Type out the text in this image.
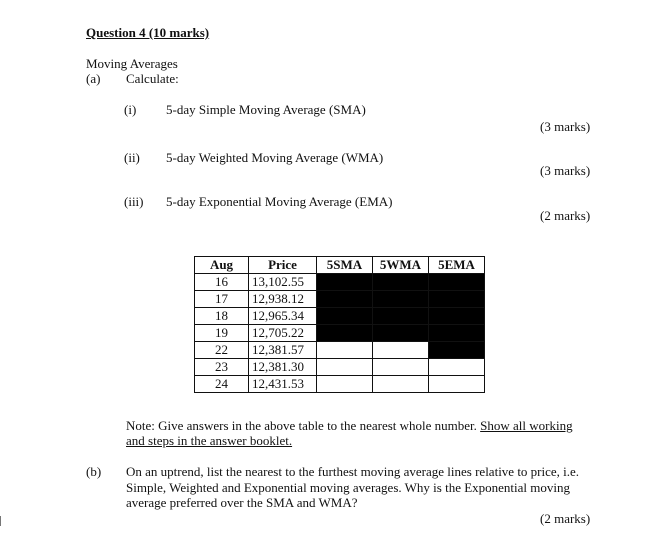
Question 4 (10 marks)
Moving Averages
(a) Calculate:
(i) 5-day Simple Moving Average (SMA)
(3 marks)
(ii) 5-day Weighted Moving Average (WMA)
(3 marks)
(iii) 5-day Exponential Moving Average (EMA)
(2 marks)
Aug	Price	5SMA	5WMA	5EMA
16	13,102.55			
17	12,938.12			
18	12,965.34			
19	12,705.22			
22	12,381.57			
23	12,381.30			
24	12,431.53			
Note: Give answers in the above table to the nearest whole number. Show all working
and steps in the answer booklet.
(b) On an uptrend, list the nearest to the furthest moving average lines relative to price, i.e.
Simple, Weighted and Exponential moving averages. Why is the Exponential moving
average preferred over the SMA and WMA?
(2 marks)
